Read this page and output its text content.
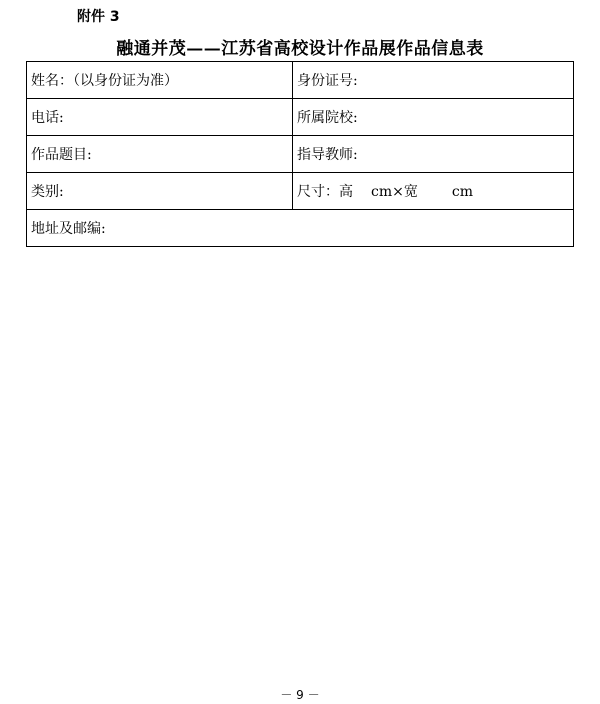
附件 3
融通并茂——江苏省高校设计作品展作品信息表
姓名：（以身份证为准）	身份证号:
电话:	所属院校:
作品题目:	指导教师:
类别:	尺寸：高 cm×宽 cm
地址及邮编:	
－ 9 －
